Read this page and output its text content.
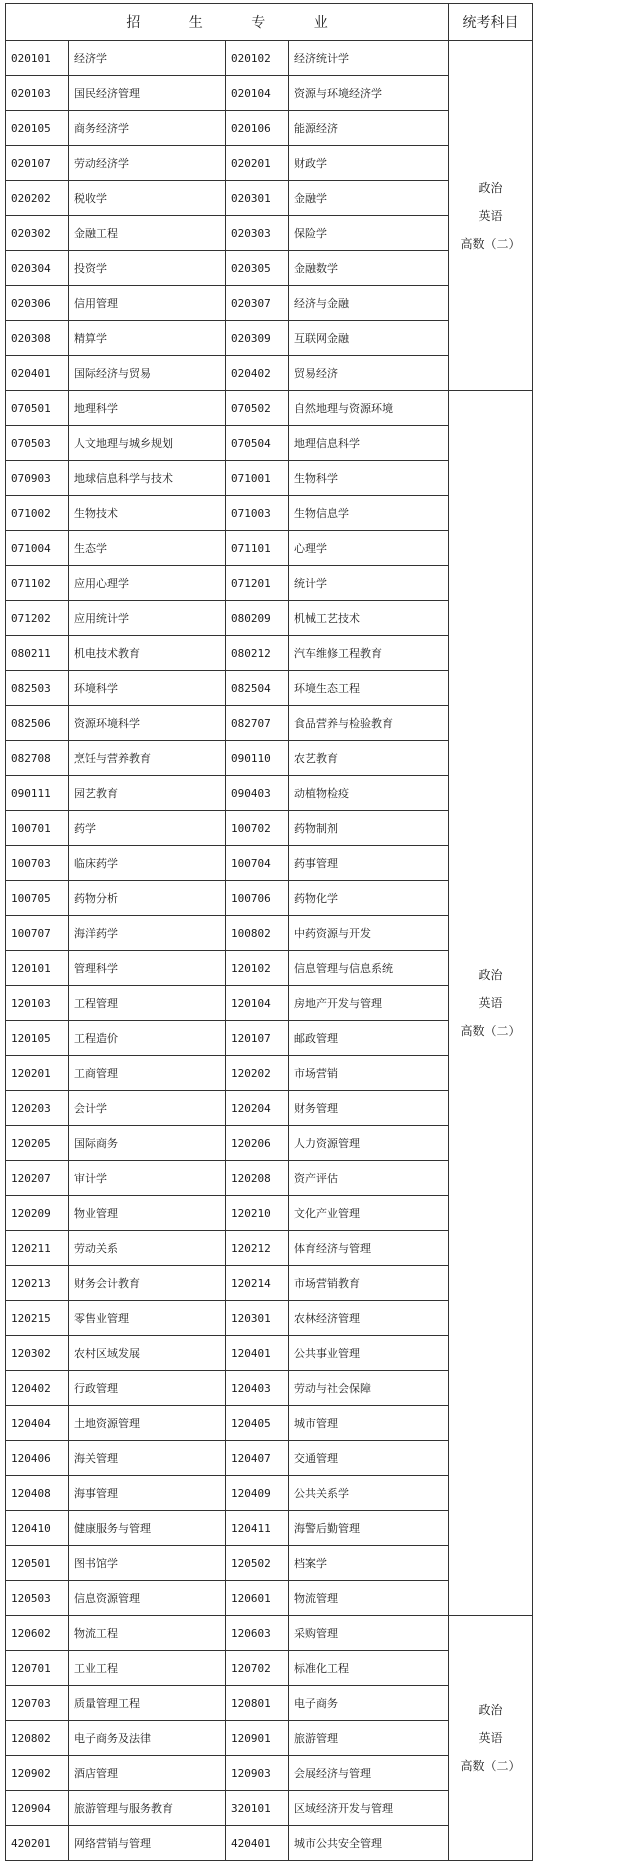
招 生 专 业				统考科目
020101	经济学	020102	经济统计学	政治
英语
高数（二）

020103	国民经济管理	020104	资源与环境经济学	
020105	商务经济学	020106	能源经济	
020107	劳动经济学	020201	财政学	
020202	税收学	020301	金融学	
020302	金融工程	020303	保险学	
020304	投资学	020305	金融数学	
020306	信用管理	020307	经济与金融	
020308	精算学	020309	互联网金融	
020401	国际经济与贸易	020402	贸易经济	
070501	地理科学	070502	自然地理与资源环境	政治
英语
高数（二）

070503	人文地理与城乡规划	070504	地理信息科学	
070903	地球信息科学与技术	071001	生物科学	
071002	生物技术	071003	生物信息学	
071004	生态学	071101	心理学	
071102	应用心理学	071201	统计学	
071202	应用统计学	080209	机械工艺技术	
080211	机电技术教育	080212	汽车维修工程教育	
082503	环境科学	082504	环境生态工程	
082506	资源环境科学	082707	食品营养与检验教育	
082708	烹饪与营养教育	090110	农艺教育	
090111	园艺教育	090403	动植物检疫	
100701	药学	100702	药物制剂	
100703	临床药学	100704	药事管理	
100705	药物分析	100706	药物化学	
100707	海洋药学	100802	中药资源与开发	
120101	管理科学	120102	信息管理与信息系统	
120103	工程管理	120104	房地产开发与管理	
120105	工程造价	120107	邮政管理	
120201	工商管理	120202	市场营销	
120203	会计学	120204	财务管理	
120205	国际商务	120206	人力资源管理	
120207	审计学	120208	资产评估	
120209	物业管理	120210	文化产业管理	
120211	劳动关系	120212	体育经济与管理	
120213	财务会计教育	120214	市场营销教育	
120215	零售业管理	120301	农林经济管理	
120302	农村区域发展	120401	公共事业管理	
120402	行政管理	120403	劳动与社会保障	
120404	土地资源管理	120405	城市管理	
120406	海关管理	120407	交通管理	
120408	海事管理	120409	公共关系学	
120410	健康服务与管理	120411	海警后勤管理	
120501	图书馆学	120502	档案学	
120503	信息资源管理	120601	物流管理	
120602	物流工程	120603	采购管理	政治
英语
高数（二）

120701	工业工程	120702	标准化工程	
120703	质量管理工程	120801	电子商务	
120802	电子商务及法律	120901	旅游管理	
120902	酒店管理	120903	会展经济与管理	
120904	旅游管理与服务教育	320101	区域经济开发与管理	
420201	网络营销与管理	420401	城市公共安全管理	
